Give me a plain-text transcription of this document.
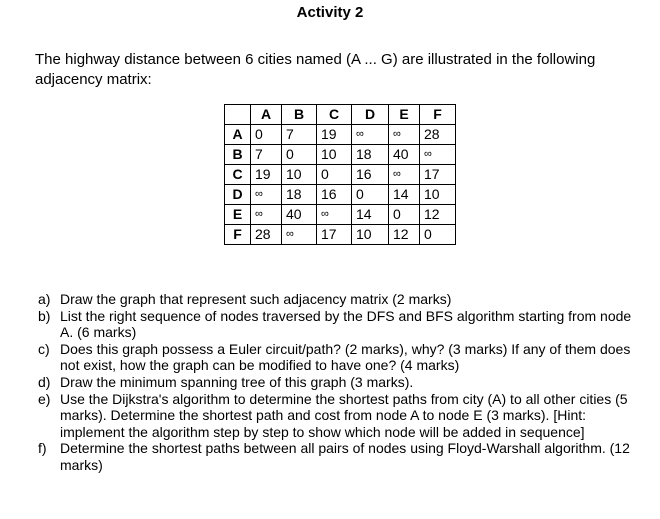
Activity 2
The highway distance between 6 cities named (A ... G) are illustrated in the following adjacency matrix:
	A	B	C	D	E	F
A	0	7	19	∞	∞	28
B	7	0	10	18	40	∞
C	19	10	0	16	∞	17
D	∞	18	16	0	14	10
E	∞	40	∞	14	0	12
F	28	∞	17	10	12	0
a) Draw the graph that represent such adjacency matrix (2 marks)
b) List the right sequence of nodes traversed by the DFS and BFS algorithm starting from node A. (6 marks)
c) Does this graph possess a Euler circuit/path? (2 marks), why? (3 marks) If any of them does not exist, how the graph can be modified to have one? (4 marks)
d) Draw the minimum spanning tree of this graph (3 marks).
e) Use the Dijkstra's algorithm to determine the shortest paths from city (A) to all other cities (5 marks). Determine the shortest path and cost from node A to node E (3 marks). [Hint: implement the algorithm step by step to show which node will be added in sequence]
f) Determine the shortest paths between all pairs of nodes using Floyd-Warshall algorithm. (12 marks)
